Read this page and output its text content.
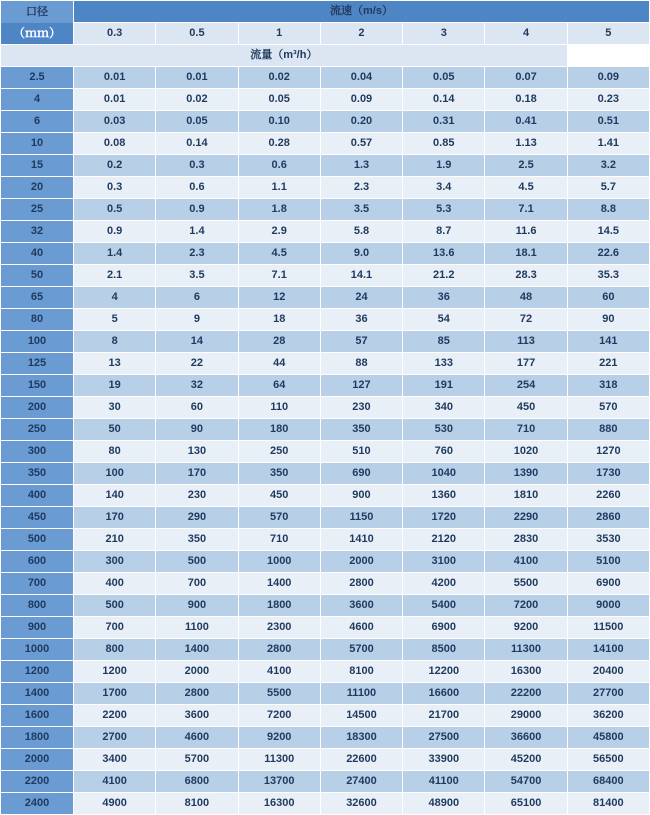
口径
（ｍｍ）	流速（m/s）						
	0.3	0.5	1	2	3	4	5
流量（m³/h）							
2.5	0.01	0.01	0.02	0.04	0.05	0.07	0.09
4	0.01	0.02	0.05	0.09	0.14	0.18	0.23
6	0.03	0.05	0.10	0.20	0.31	0.41	0.51
10	0.08	0.14	0.28	0.57	0.85	1.13	1.41
15	0.2	0.3	0.6	1.3	1.9	2.5	3.2
20	0.3	0.6	1.1	2.3	3.4	4.5	5.7
25	0.5	0.9	1.8	3.5	5.3	7.1	8.8
32	0.9	1.4	2.9	5.8	8.7	11.6	14.5
40	1.4	2.3	4.5	9.0	13.6	18.1	22.6
50	2.1	3.5	7.1	14.1	21.2	28.3	35.3
65	4	6	12	24	36	48	60
80	5	9	18	36	54	72	90
100	8	14	28	57	85	113	141
125	13	22	44	88	133	177	221
150	19	32	64	127	191	254	318
200	30	60	110	230	340	450	570
250	50	90	180	350	530	710	880
300	80	130	250	510	760	1020	1270
350	100	170	350	690	1040	1390	1730
400	140	230	450	900	1360	1810	2260
450	170	290	570	1150	1720	2290	2860
500	210	350	710	1410	2120	2830	3530
600	300	500	1000	2000	3100	4100	5100
700	400	700	1400	2800	4200	5500	6900
800	500	900	1800	3600	5400	7200	9000
900	700	1100	2300	4600	6900	9200	11500
1000	800	1400	2800	5700	8500	11300	14100
1200	1200	2000	4100	8100	12200	16300	20400
1400	1700	2800	5500	11100	16600	22200	27700
1600	2200	3600	7200	14500	21700	29000	36200
1800	2700	4600	9200	18300	27500	36600	45800
2000	3400	5700	11300	22600	33900	45200	56500
2200	4100	6800	13700	27400	41100	54700	68400
2400	4900	8100	16300	32600	48900	65100	81400
